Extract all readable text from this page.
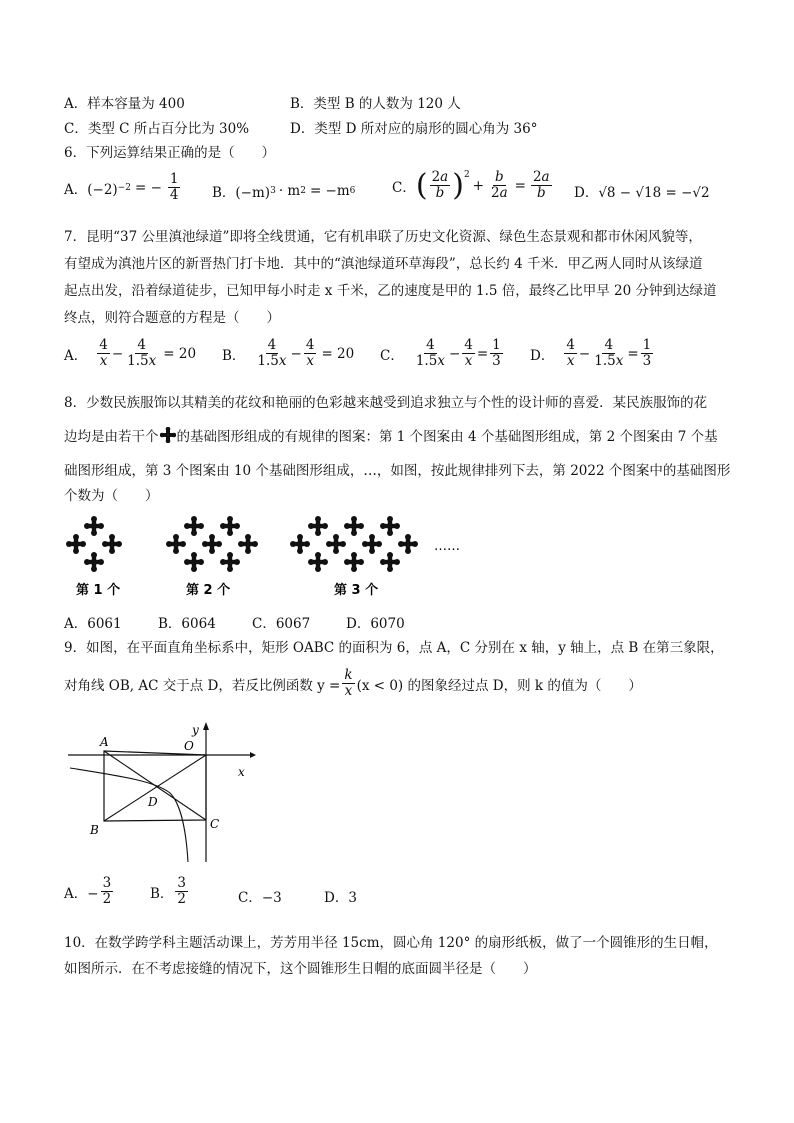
A．样本容量为 400	B．类型 B 的人数为 120 人
C．类型 C 所占百分比为 30%	D．类型 D 所对应的扇形的圆心角为 36°
6．下列运算结果正确的是（　　）
A．(−2) −2 = − $\frac{1}{4}$ B．(−m) 3 · m 2 = −m 6	C． ( $\frac{2a}{b} )^2$
+ $\frac{b}{2a} = \frac{2a}{b}$ D．√8 − √18 = −√2
7．昆明“37 公里滇池绿道”即将全线贯通，它有机串联了历史文化资源、绿色生态景观和都市休闲风貌等，
有望成为滇池片区的新晋热门打卡地．其中的“滇池绿道环草海段”，总长约 4 千米．甲乙两人同时从该绿道
起点出发，沿着绿道徒步，已知甲每小时走 x 千米，乙的速度是甲的 1.5 倍，最终乙比甲早 20 分钟到达绿道
终点，则符合题意的方程是（　　）
A． $\frac{4}{x} - \frac{4}{1.5x} = 20$ B． $\frac{4}{1.5x} - \frac{4}{x} = 20$ C． $\frac{4}{1.5x} - \frac{4}{x} = \frac{1}{3}$ D． $\frac{4}{x} - \frac{4}{1.5x} = \frac{1}{3}$
8．少数民族服饰以其精美的花纹和艳丽的色彩越来越受到追求独立与个性的设计师的喜爱．某民族服饰的花
边均是由若干个 的基础图形组成的有规律的图案：第 1 个图案由 4 个基础图形组成，第 2 个图案由 7 个基
础图形组成，第 3 个图案由 10 个基础图形组成，…，如图，按此规律排列下去，第 2022 个图案中的基础图形
个数为（　　）
第 1 个	第 2 个	第 3 个
……
A．6061	B．6064	C．6067	D．6070
9．如图，在平面直角坐标系中，矩形 OABC 的面积为 6，点 A，C 分别在 x 轴，y 轴上，点 B 在第三象限，
对角线 OB, AC 交于点 D，若反比例函数 $y = \frac{k}{x} (x < 0)$ 的图象经过点 D，则 k 的值为（　　）
A	O
D
B	C
x
y
A．− $\frac{3}{2}$	B． $\frac{3}{2}$	C．−3	D．3
10．在数学跨学科主题活动课上，芳芳用半径 15cm，圆心角 120° 的扇形纸板，做了一个圆锥形的生日帽，
如图所示．在不考虑接缝的情况下，这个圆锥形生日帽的底面圆半径是（　　）
